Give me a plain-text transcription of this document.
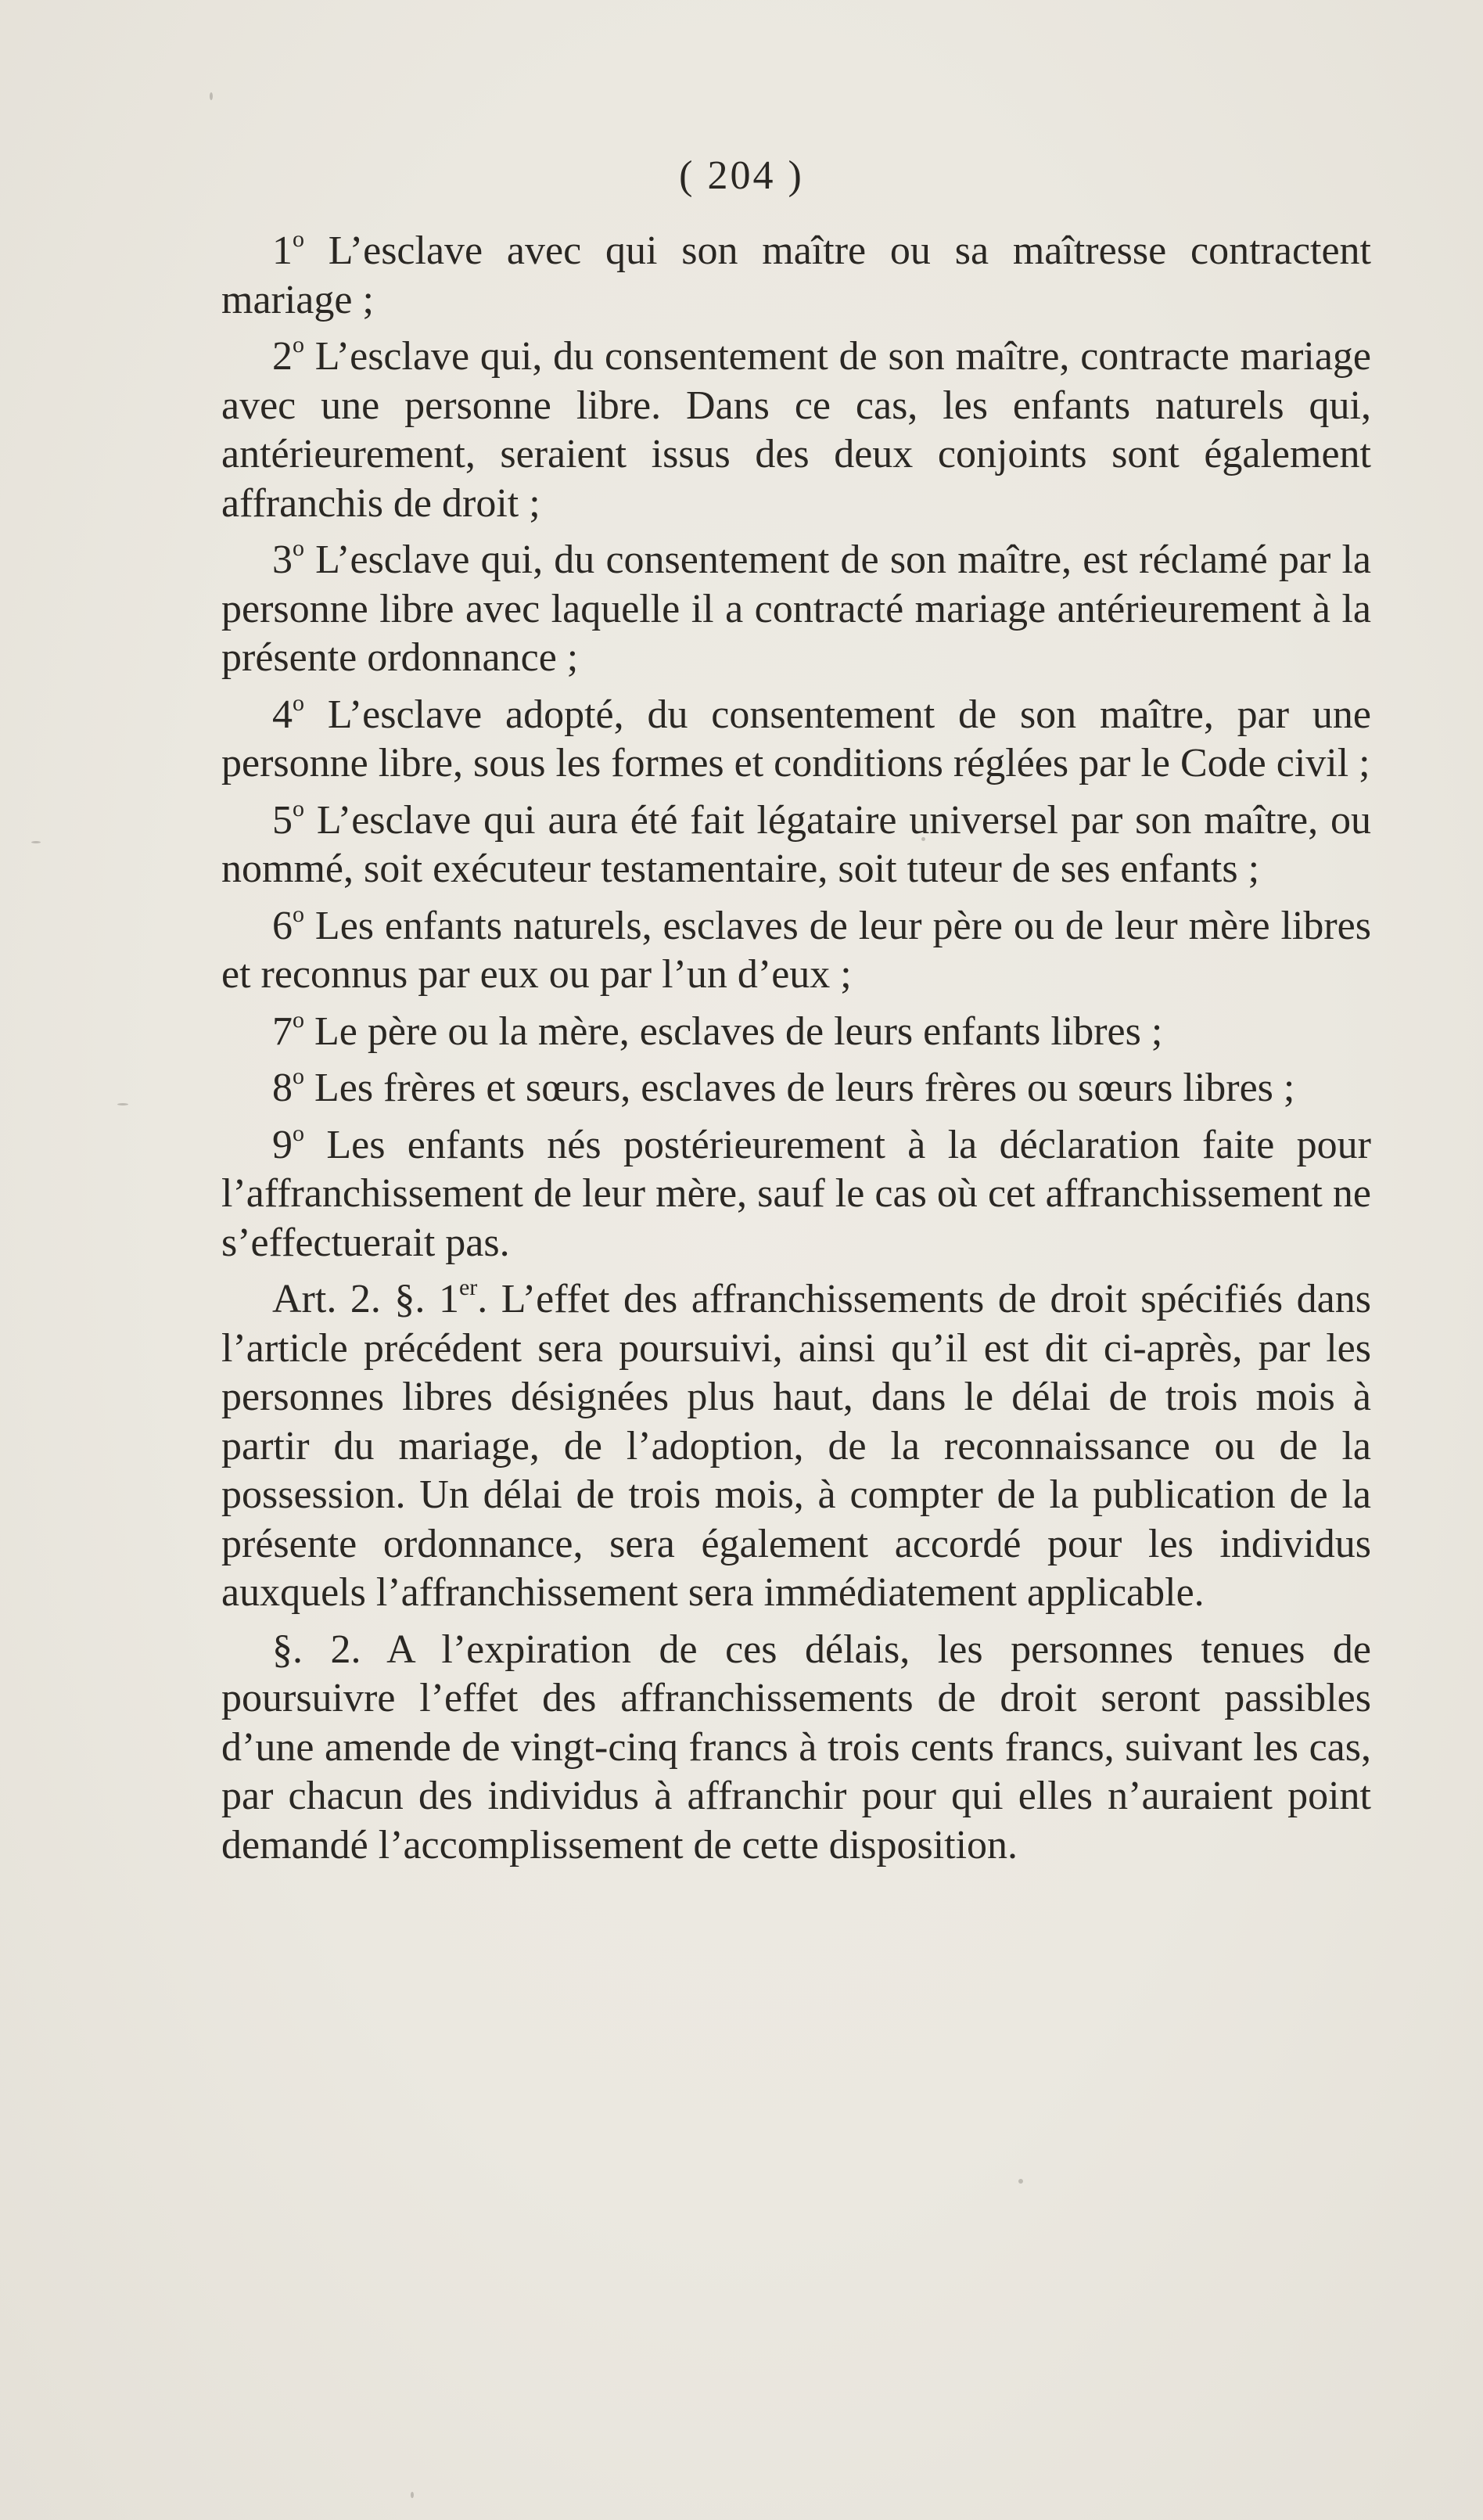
( 204 )

1$^o$ L’esclave avec qui son maître ou sa maîtresse contractent mariage ;

2$^o$ L’esclave qui, du consentement de son maître, contracte mariage avec une personne libre. Dans ce cas, les enfants naturels qui, antérieurement, seraient issus des deux conjoints sont également affranchis de droit ;

3$^o$ L’esclave qui, du consentement de son maître, est réclamé par la personne libre avec laquelle il a contracté mariage antérieurement à la présente ordonnance ;

4$^o$ L’esclave adopté, du consentement de son maître, par une personne libre, sous les formes et conditions réglées par le Code civil ;

5$^o$ L’esclave qui aura été fait légataire universel par son maître, ou nommé, soit exécuteur testamentaire, soit tuteur de ses enfants ;

6$^o$ Les enfants naturels, esclaves de leur père ou de leur mère libres et reconnus par eux ou par l’un d’eux ;

7$^o$ Le père ou la mère, esclaves de leurs enfants libres ;

8$^o$ Les frères et sœurs, esclaves de leurs frères ou sœurs libres ;

9$^o$ Les enfants nés postérieurement à la déclaration faite pour l’affranchissement de leur mère, sauf le cas où cet affranchissement ne s’effectuerait pas.

Art. 2. §. 1er. L’effet des affranchissements de droit spécifiés dans l’article précédent sera poursuivi, ainsi qu’il est dit ci-après, par les personnes libres désignées plus haut, dans le délai de trois mois à partir du mariage, de l’adoption, de la reconnaissance ou de la possession. Un délai de trois mois, à compter de la publication de la présente ordonnance, sera également accordé pour les individus auxquels l’affranchissement sera immédiatement applicable.

§. 2. A l’expiration de ces délais, les personnes tenues de poursuivre l’effet des affranchissements de droit seront passibles d’une amende de vingt-cinq francs à trois cents francs, suivant les cas, par chacun des individus à affranchir pour qui elles n’auraient point demandé l’accomplissement de cette disposition.
